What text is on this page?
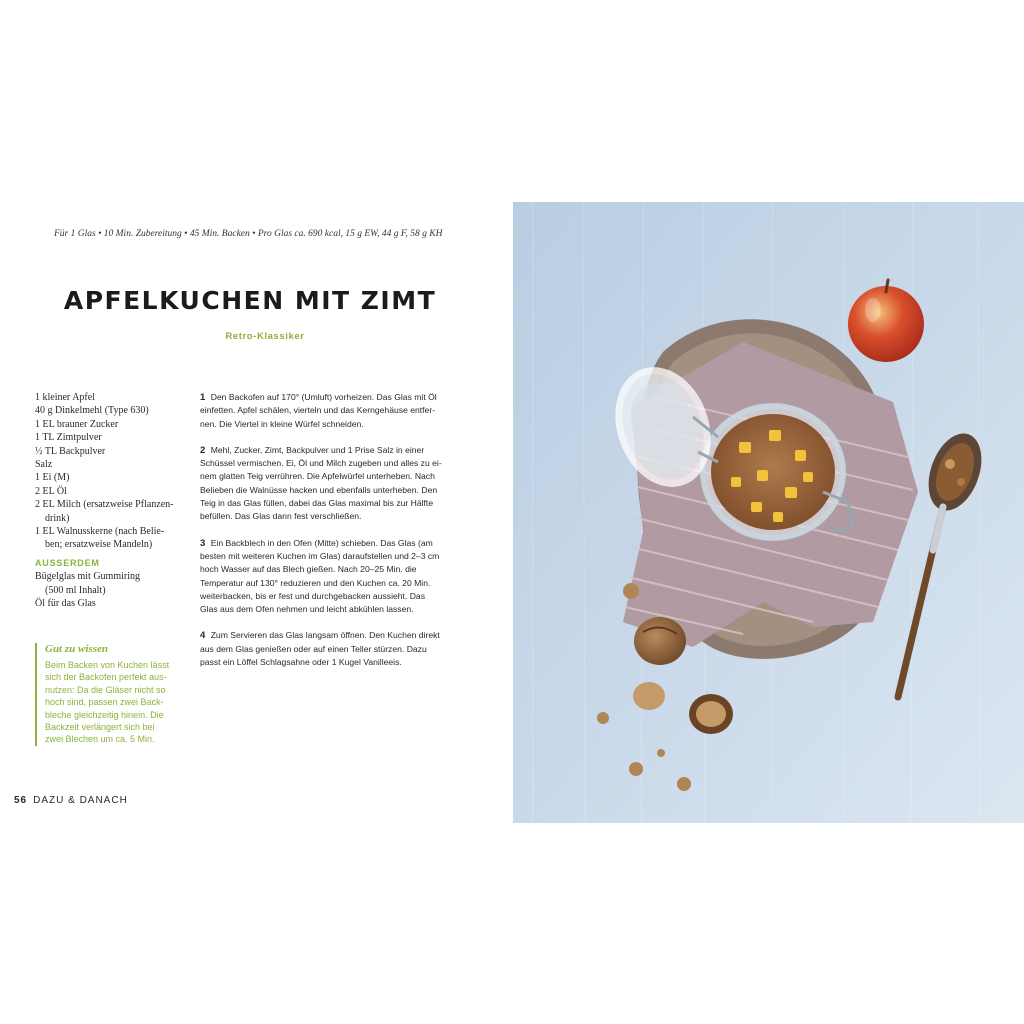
Für 1 Glas • 10 Min. Zubereitung • 45 Min. Backen • Pro Glas ca. 690 kcal, 15 g EW, 44 g F, 58 g KH
APFELKUCHEN MIT ZIMT
Retro-Klassiker
1 kleiner Apfel
40 g Dinkelmehl (Type 630)
1 EL brauner Zucker
1 TL Zimtpulver
½ TL Backpulver
Salz
1 Ei (M)
2 EL Öl
2 EL Milch (ersatzweise Pflanzen-
drink)
1 EL Walnusskerne (nach Belie-
ben; ersatzweise Mandeln)
AUSSERDEM
Bügelglas mit Gummiring
(500 ml Inhalt)
Öl für das Glas
Gut zu wissen
Beim Backen von Kuchen lässt
sich der Backofen perfekt aus-
nutzen: Da die Gläser nicht so
hoch sind, passen zwei Back-
bleche gleichzeitig hinein. Die
Backzeit verlängert sich bei
zwei Blechen um ca. 5 Min.
1 Den Backofen auf 170° (Umluft) vorheizen. Das Glas mit Öl
einfetten. Apfel schälen, vierteln und das Kerngehäuse entfer-
nen. Die Viertel in kleine Würfel schneiden.
2 Mehl, Zucker, Zimt, Backpulver und 1 Prise Salz in einer
Schüssel vermischen. Ei, Öl und Milch zugeben und alles zu ei-
nem glatten Teig verrühren. Die Apfelwürfel unterheben. Nach
Belieben die Walnüsse hacken und ebenfalls unterheben. Den
Teig in das Glas füllen, dabei das Glas maximal bis zur Hälfte
befüllen. Das Glas dann fest verschließen.
3 Ein Backblech in den Ofen (Mitte) schieben. Das Glas (am
besten mit weiteren Kuchen im Glas) daraufstellen und 2–3 cm
hoch Wasser auf das Blech gießen. Nach 20–25 Min. die
Temperatur auf 130° reduzieren und den Kuchen ca. 20 Min.
weiterbacken, bis er fest und durchgebacken aussieht. Das
Glas aus dem Ofen nehmen und leicht abkühlen lassen.
4 Zum Servieren das Glas langsam öffnen. Den Kuchen direkt
aus dem Glas genießen oder auf einen Teller stürzen. Dazu
passt ein Löffel Schlagsahne oder 1 Kugel Vanilleeis.
56 DAZU & DANACH
